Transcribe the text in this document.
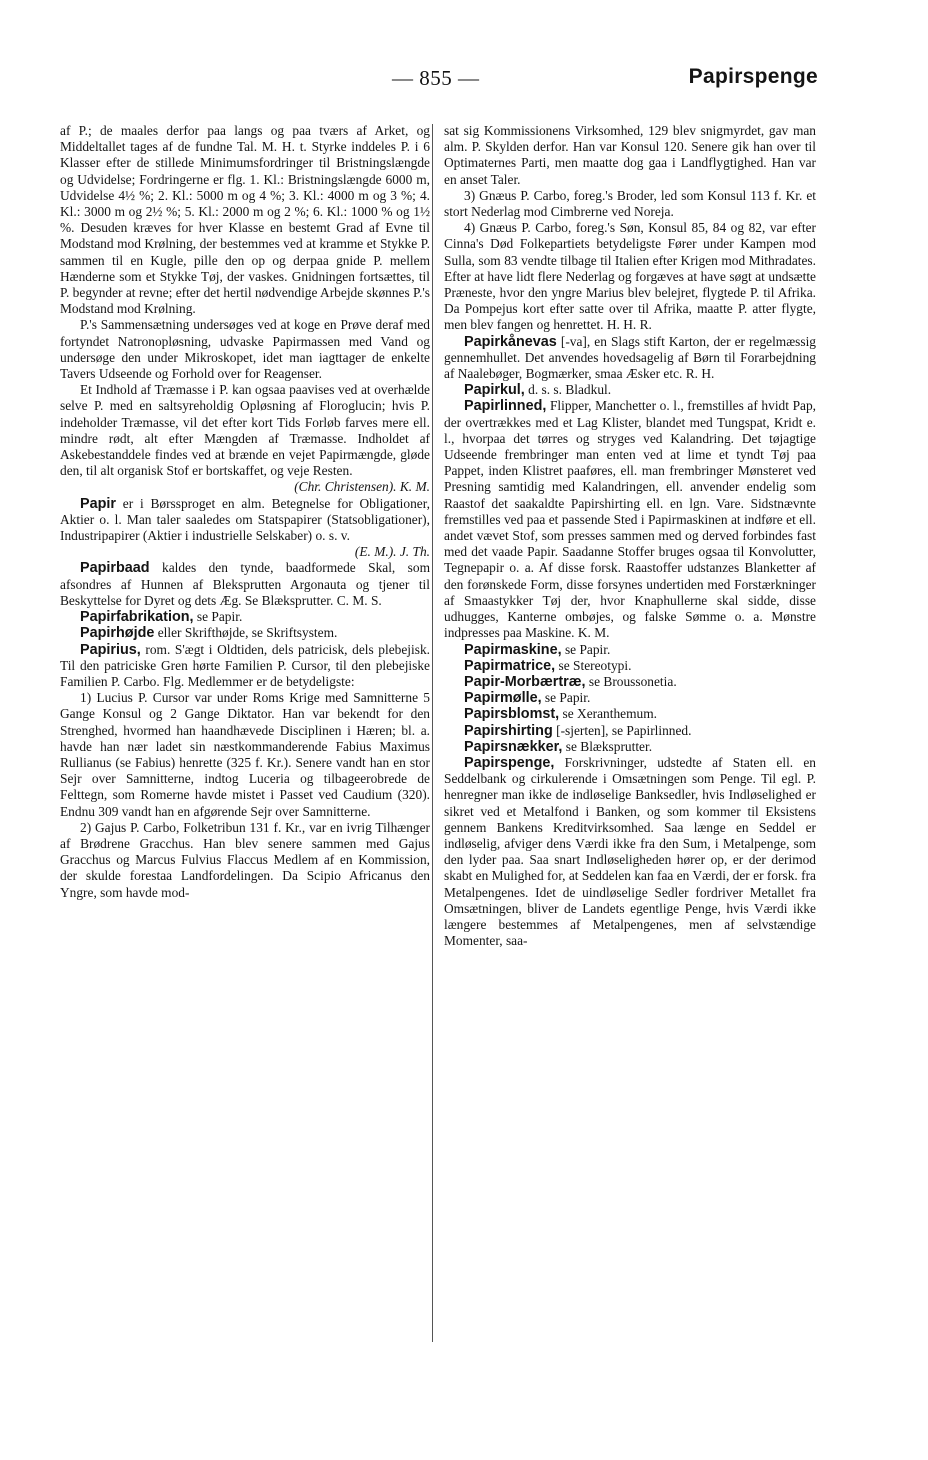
— 855 —	Papirspenge

af P.; de maales derfor paa langs og paa tværs af Arket, og Middeltallet tages af de fundne Tal. M. H. t. Styrke inddeles P. i 6 Klasser efter de stillede Minimumsfordringer til Bristningslængde og Udvidelse; Fordringerne er flg. 1. Kl.: Bristningslængde 6000 m, Udvidelse 4½ %; 2. Kl.: 5000 m og 4 %; 3. Kl.: 4000 m og 3 %; 4. Kl.: 3000 m og 2½ %; 5. Kl.: 2000 m og 2 %; 6. Kl.: 1000 % og 1½ %. Desuden kræves for hver Klasse en bestemt Grad af Evne til Modstand mod Krølning, der bestemmes ved at kramme et Stykke P. sammen til en Kugle, pille den op og derpaa gnide P. mellem Hænderne som et Stykke Tøj, der vaskes. Gnidningen fortsættes, til P. begynder at revne; efter det hertil nødvendige Arbejde skønnes P.'s Modstand mod Krølning.

P.'s Sammensætning undersøges ved at koge en Prøve deraf med fortyndet Natronopløsning, udvaske Papirmassen med Vand og undersøge den under Mikroskopet, idet man iagttager de enkelte Tavers Udseende og Forhold over for Reagenser.

Et Indhold af Træmasse i P. kan ogsaa paavises ved at overhælde selve P. med en saltsyreholdig Opløsning af Floroglucin; hvis P. indeholder Træmasse, vil det efter kort Tids Forløb farves mere ell. mindre rødt, alt efter Mængden af Træmasse. Indholdet af Askebestanddele findes ved at brænde en vejet Papirmængde, gløde den, til alt organisk Stof er bortskaffet, og veje Resten.

(Chr. Christensen). K. M.

Papir er i Børssproget en alm. Betegnelse for Obligationer, Aktier o. l. Man taler saaledes om Statspapirer (Statsobligationer), Industripapirer (Aktier i industrielle Selskaber) o. s. v.

(E. M.). J. Th.

Papirbaad kaldes den tynde, baadformede Skal, som afsondres af Hunnen af Bleksprutten Argonauta og tjener til Beskyttelse for Dyret og dets Æg. Se Blæksprutter. C. M. S.

Papirfabrikation, se Papir.

Papirhøjde eller Skrifthøjde, se Skriftsystem.

Papirius, rom. S'ægt i Oldtiden, dels patricisk, dels plebejisk. Til den patriciske Gren hørte Familien P. Cursor, til den plebejiske Familien P. Carbo. Flg. Medlemmer er de betydeligste:

1) Lucius P. Cursor var under Roms Krige med Samnitterne 5 Gange Konsul og 2 Gange Diktator. Han var bekendt for den Strenghed, hvormed han haandhævede Disciplinen i Hæren; bl. a. havde han nær ladet sin næstkommanderende Fabius Maximus Rullianus (se Fabius) henrette (325 f. Kr.). Senere vandt han en stor Sejr over Samnitterne, indtog Luceria og tilbageerobrede de Felttegn, som Romerne havde mistet i Passet ved Caudium (320). Endnu 309 vandt han en afgørende Sejr over Samnitterne.

2) Gajus P. Carbo, Folketribun 131 f. Kr., var en ivrig Tilhænger af Brødrene Gracchus. Han blev senere sammen med Gajus Gracchus og Marcus Fulvius Flaccus Medlem af en Kommission, der skulde forestaa Landfordelingen. Da Scipio Africanus den Yngre, som havde mod-

sat sig Kommissionens Virksomhed, 129 blev snigmyrdet, gav man alm. P. Skylden derfor. Han var Konsul 120. Senere gik han over til Optimaternes Parti, men maatte dog gaa i Landflygtighed. Han var en anset Taler.

3) Gnæus P. Carbo, foreg.'s Broder, led som Konsul 113 f. Kr. et stort Nederlag mod Cimbrerne ved Noreja.

4) Gnæus P. Carbo, foreg.'s Søn, Konsul 85, 84 og 82, var efter Cinna's Død Folkepartiets betydeligste Fører under Kampen mod Sulla, som 83 vendte tilbage til Italien efter Krigen mod Mithradates. Efter at have lidt flere Nederlag og forgæves at have søgt at undsætte Præneste, hvor den yngre Marius blev belejret, flygtede P. til Afrika. Da Pompejus kort efter satte over til Afrika, maatte P. atter flygte, men blev fangen og henrettet. H. H. R.

Papirkånevas [-va], en Slags stift Karton, der er regelmæssig gennemhullet. Det anvendes hovedsagelig af Børn til Forarbejdning af Naalebøger, Bogmærker, smaa Æsker etc. R. H.

Papirkul, d. s. s. Bladkul.

Papirlinned, Flipper, Manchetter o. l., fremstilles af hvidt Pap, der overtrækkes med et Lag Klister, blandet med Tungspat, Kridt e. l., hvorpaa det tørres og stryges ved Kalandring. Det tøjagtige Udseende frembringer man enten ved at lime et tyndt Tøj paa Pappet, inden Klistret paaføres, ell. man frembringer Mønsteret ved Presning samtidig med Kalandringen, ell. anvender endelig som Raastof det saakaldte Papirshirting ell. en lgn. Vare. Sidstnævnte fremstilles ved paa et passende Sted i Papirmaskinen at indføre et ell. andet vævet Stof, som presses sammen med og derved forbindes fast med det vaade Papir. Saadanne Stoffer bruges ogsaa til Konvolutter, Tegnepapir o. a. Af disse forsk. Raastoffer udstanzes Blanketter af den forønskede Form, disse forsynes undertiden med Forstærkninger af Smaastykker Tøj der, hvor Knaphullerne skal sidde, disse udhugges, Kanterne ombøjes, og falske Sømme o. a. Mønstre indpresses paa Maskine. K. M.

Papirmaskine, se Papir.

Papirmatrice, se Stereotypi.

Papir-Morbærtræ, se Broussonetia.

Papirmølle, se Papir.

Papirsblomst, se Xeranthemum.

Papirshirting [-sjerten], se Papirlinned.

Papirsnækker, se Blæksprutter.

Papirspenge, Forskrivninger, udstedte af Staten ell. en Seddelbank og cirkulerende i Omsætningen som Penge. Til egl. P. henregner man ikke de indløselige Banksedler, hvis Indløselighed er sikret ved et Metalfond i Banken, og som kommer til Eksistens gennem Bankens Kreditvirksomhed. Saa længe en Seddel er indløselig, afviger dens Værdi ikke fra den Sum, i Metalpenge, som den lyder paa. Saa snart Indløseligheden hører op, er der derimod skabt en Mulighed for, at Seddelen kan faa en Værdi, der er forsk. fra Metalpengenes. Idet de uindløselige Sedler fordriver Metallet fra Omsætningen, bliver de Landets egentlige Penge, hvis Værdi ikke længere bestemmes af Metalpengenes, men af selvstændige Momenter, saa-
